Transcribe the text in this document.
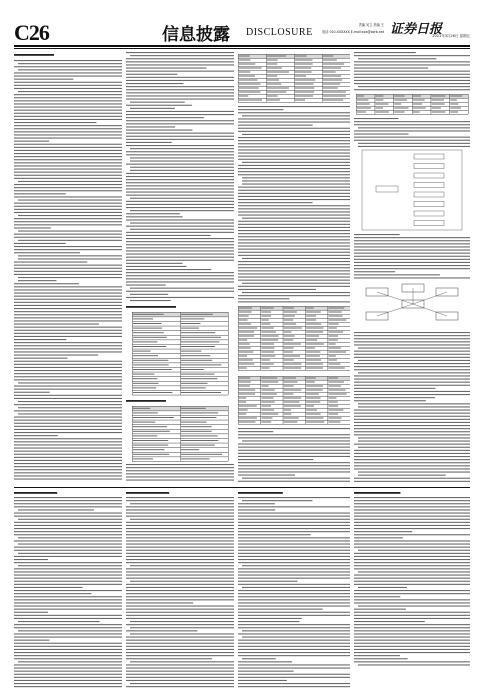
C26	信息披露 DISCLOSURE
责编 吴立 美编 王
电话 010-XXXXXX E-mail:xxx@zqrb.net 证券日报
2021年3月26日 星期五
